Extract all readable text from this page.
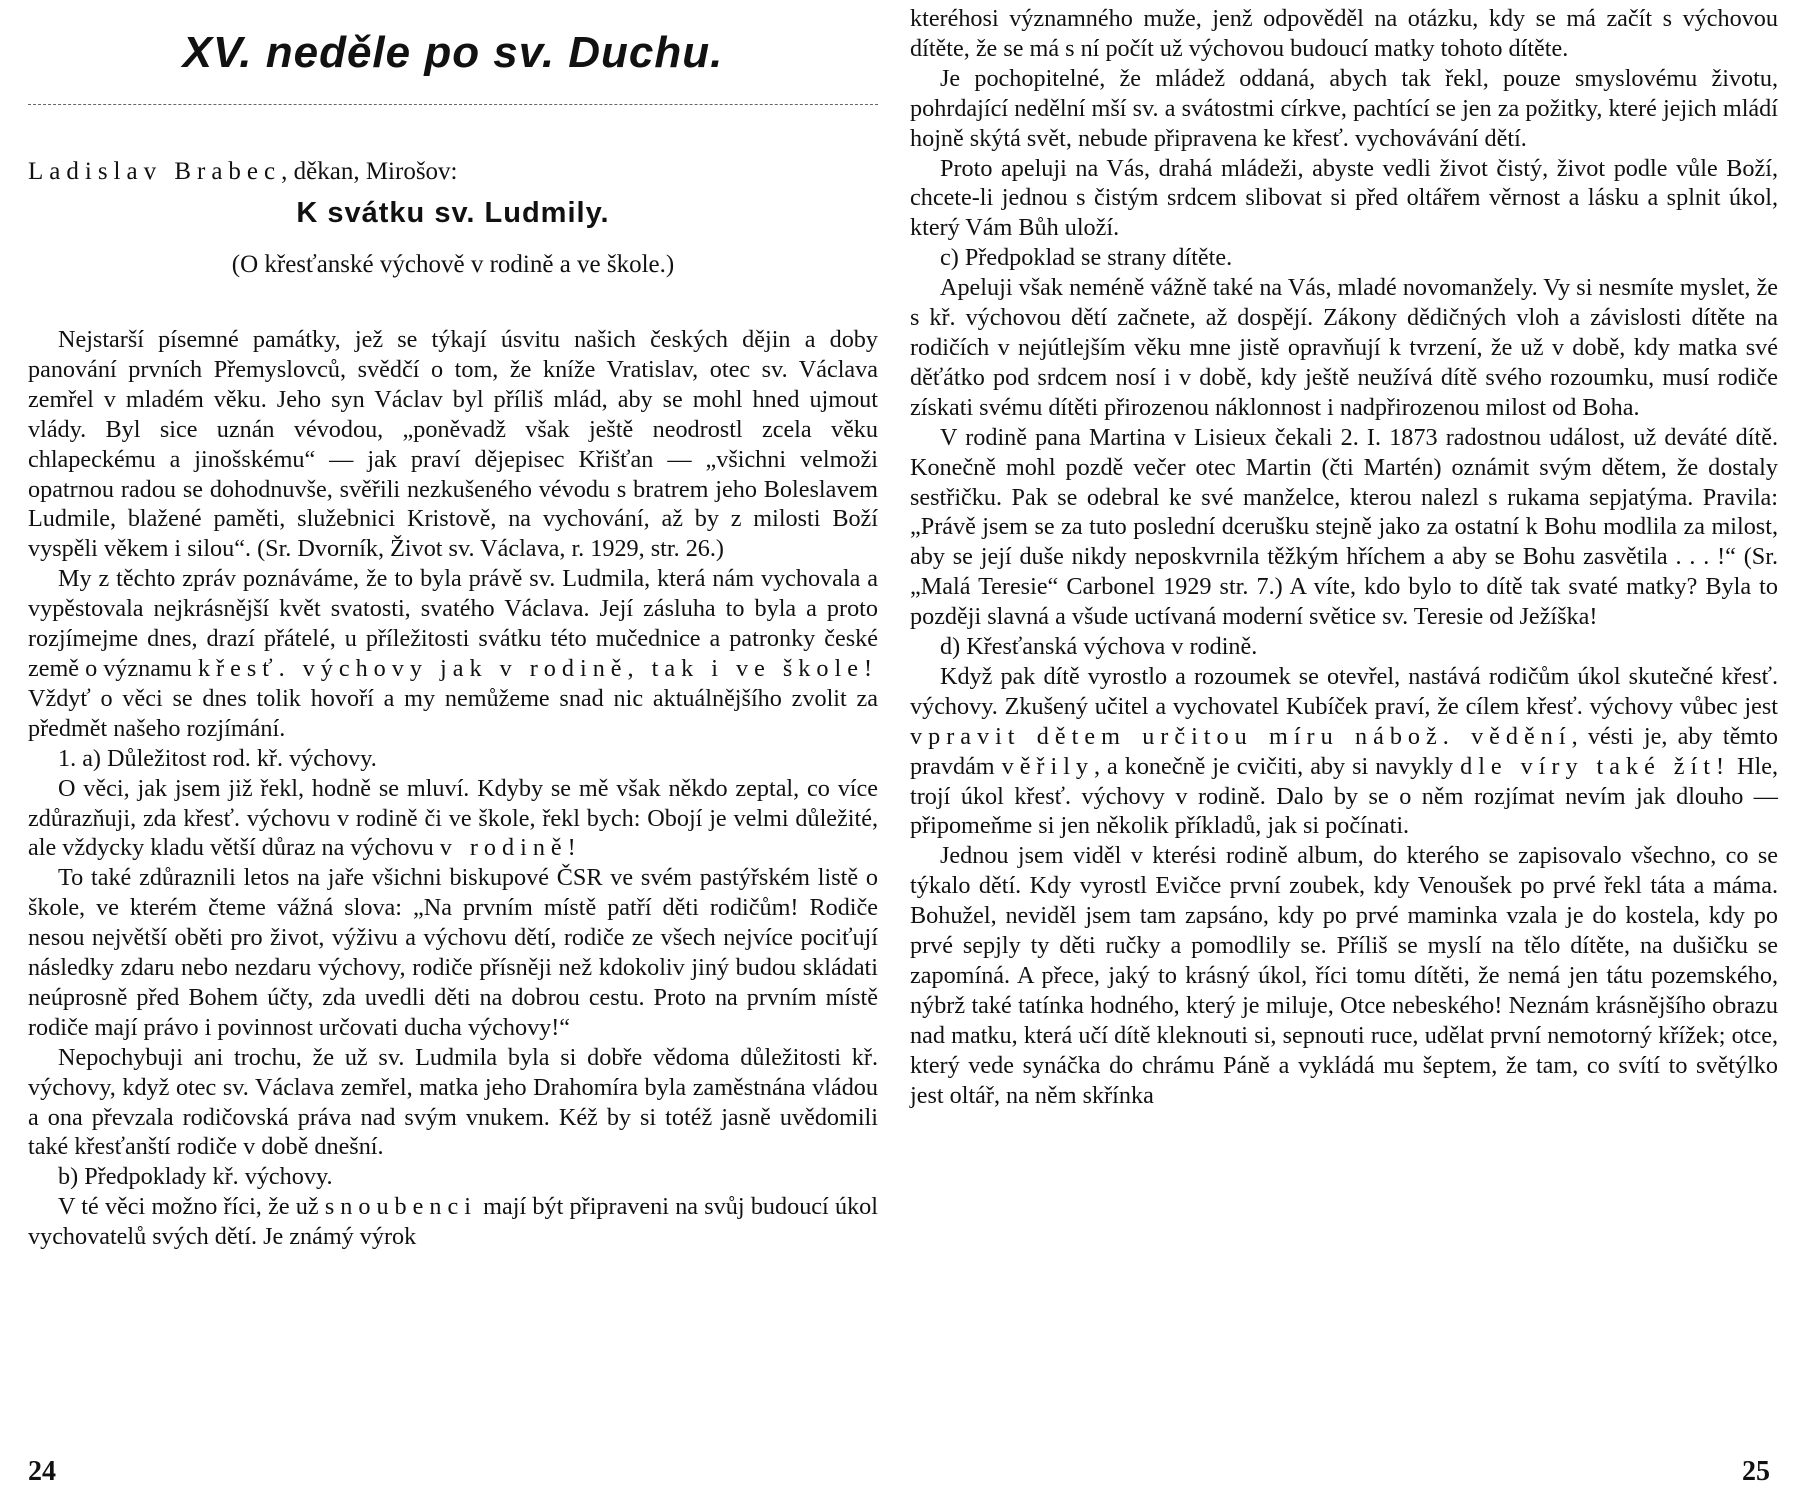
XV. neděle po sv. Duchu.
Ladislav Brabec, děkan, Mirošov:
K svátku sv. Ludmily.
(O křesťanské výchově v rodině a ve škole.)

Nejstarší písemné památky, jež se týkají úsvitu našich českých dějin a doby panování prvních Přemyslovců, svědčí o tom, že kníže Vratislav, otec sv. Václava zemřel v mladém věku. Jeho syn Václav byl příliš mlád, aby se mohl hned ujmout vlády. Byl sice uznán vévodou, „poněvadž však ještě neodrostl zcela věku chlapeckému a jinošskému“ — jak praví dějepisec Křišťan — „všichni velmoži opatrnou radou se dohodnuvše, svěřili nezkušeného vévodu s bratrem jeho Boleslavem Ludmile, blažené paměti, služebnici Kristově, na vychování, až by z milosti Boží vyspěli věkem i silou“. (Sr. Dvorník, Život sv. Václava, r. 1929, str. 26.)

My z těchto zpráv poznáváme, že to byla právě sv. Ludmila, která nám vychovala a vypěstovala nejkrásnější květ svatosti, svatého Václava. Její zásluha to byla a proto rozjímejme dnes, drazí přátelé, u příležitosti svátku této mučednice a patronky české země o významu křesť. výchovy jak v rodině, tak i ve škole! Vždyť o věci se dnes tolik hovoří a my nemůžeme snad nic aktuálnějšího zvolit za předmět našeho rozjímání.

1. a) Důležitost rod. kř. výchovy.

O věci, jak jsem již řekl, hodně se mluví. Kdyby se mě však někdo zeptal, co více zdůrazňuji, zda křesť. výchovu v rodině či ve škole, řekl bych: Obojí je velmi důležité, ale vždycky kladu větší důraz na výchovu v rodině!

To také zdůraznili letos na jaře všichni biskupové ČSR ve svém pastýřském listě o škole, ve kterém čteme vážná slova: „Na prvním místě patří děti rodičům! Rodiče nesou největší oběti pro život, výživu a výchovu dětí, rodiče ze všech nejvíce pociťují následky zdaru nebo nezdaru výchovy, rodiče přísněji než kdokoliv jiný budou skládati neúprosně před Bohem účty, zda uvedli děti na dobrou cestu. Proto na prvním místě rodiče mají právo i povinnost určovati ducha výchovy!“

Nepochybuji ani trochu, že už sv. Ludmila byla si dobře vědoma důležitosti kř. výchovy, když otec sv. Václava zemřel, matka jeho Drahomíra byla zaměstnána vládou a ona převzala rodičovská práva nad svým vnukem. Kéž by si totéž jasně uvědomili také křesťanští rodiče v době dnešní.

b) Předpoklady kř. výchovy.

V té věci možno říci, že už snoubenci mají být připraveni na svůj budoucí úkol vychovatelů svých dětí. Je známý výrok

kteréhosi významného muže, jenž odpověděl na otázku, kdy se má začít s výchovou dítěte, že se má s ní počít už výchovou budoucí matky tohoto dítěte.

Je pochopitelné, že mládež oddaná, abych tak řekl, pouze smyslovému životu, pohrdající nedělní mší sv. a svátostmi církve, pachtící se jen za požitky, které jejich mládí hojně skýtá svět, nebude připravena ke křesť. vychovávání dětí.

Proto apeluji na Vás, drahá mládeži, abyste vedli život čistý, život podle vůle Boží, chcete-li jednou s čistým srdcem slibovat si před oltářem věrnost a lásku a splnit úkol, který Vám Bůh uloží.

c) Předpoklad se strany dítěte.

Apeluji však neméně vážně také na Vás, mladé novomanžely. Vy si nesmíte myslet, že s kř. výchovou dětí začnete, až dospějí. Zákony dědičných vloh a závislosti dítěte na rodičích v nejútlejším věku mne jistě opravňují k tvrzení, že už v době, kdy matka své děťátko pod srdcem nosí i v době, kdy ještě neužívá dítě svého rozoumku, musí rodiče získati svému dítěti přirozenou náklonnost i nadpřirozenou milost od Boha.

V rodině pana Martina v Lisieux čekali 2. I. 1873 radostnou událost, už deváté dítě. Konečně mohl pozdě večer otec Martin (čti Martén) oznámit svým dětem, že dostaly sestřičku. Pak se odebral ke své manželce, kterou nalezl s rukama sepjatýma. Pravila: „Právě jsem se za tuto poslední dcerušku stejně jako za ostatní k Bohu modlila za milost, aby se její duše nikdy neposkvrnila těžkým hříchem a aby se Bohu zasvětila . . . !“ (Sr. „Malá Teresie“ Carbonel 1929 str. 7.) A víte, kdo bylo to dítě tak svaté matky? Byla to později slavná a všude uctívaná moderní světice sv. Teresie od Ježíška!

d) Křesťanská výchova v rodině.

Když pak dítě vyrostlo a rozoumek se otevřel, nastává rodičům úkol skutečné křesť. výchovy. Zkušený učitel a vychovatel Kubíček praví, že cílem křesť. výchovy vůbec jest vpravit dětem určitou míru nábož. vědění, vésti je, aby těmto pravdám věřily, a konečně je cvičiti, aby si navykly dle víry také žít! Hle, trojí úkol křesť. výchovy v rodině. Dalo by se o něm rozjímat nevím jak dlouho — připomeňme si jen několik příkladů, jak si počínati.

Jednou jsem viděl v kterési rodině album, do kterého se zapisovalo všechno, co se týkalo dětí. Kdy vyrostl Evičce první zoubek, kdy Venoušek po prvé řekl táta a máma. Bohužel, neviděl jsem tam zapsáno, kdy po prvé maminka vzala je do kostela, kdy po prvé sepjly ty děti ručky a pomodlily se. Příliš se myslí na tělo dítěte, na dušičku se zapomíná. A přece, jaký to krásný úkol, říci tomu dítěti, že nemá jen tátu pozemského, nýbrž také tatínka hodného, který je miluje, Otce nebeského! Neznám krásnějšího obrazu nad matku, která učí dítě kleknouti si, sepnouti ruce, udělat první nemotorný křížek; otce, který vede synáčka do chrámu Páně a vykládá mu šeptem, že tam, co svítí to světýlko jest oltář, na něm skřínka

24	25
